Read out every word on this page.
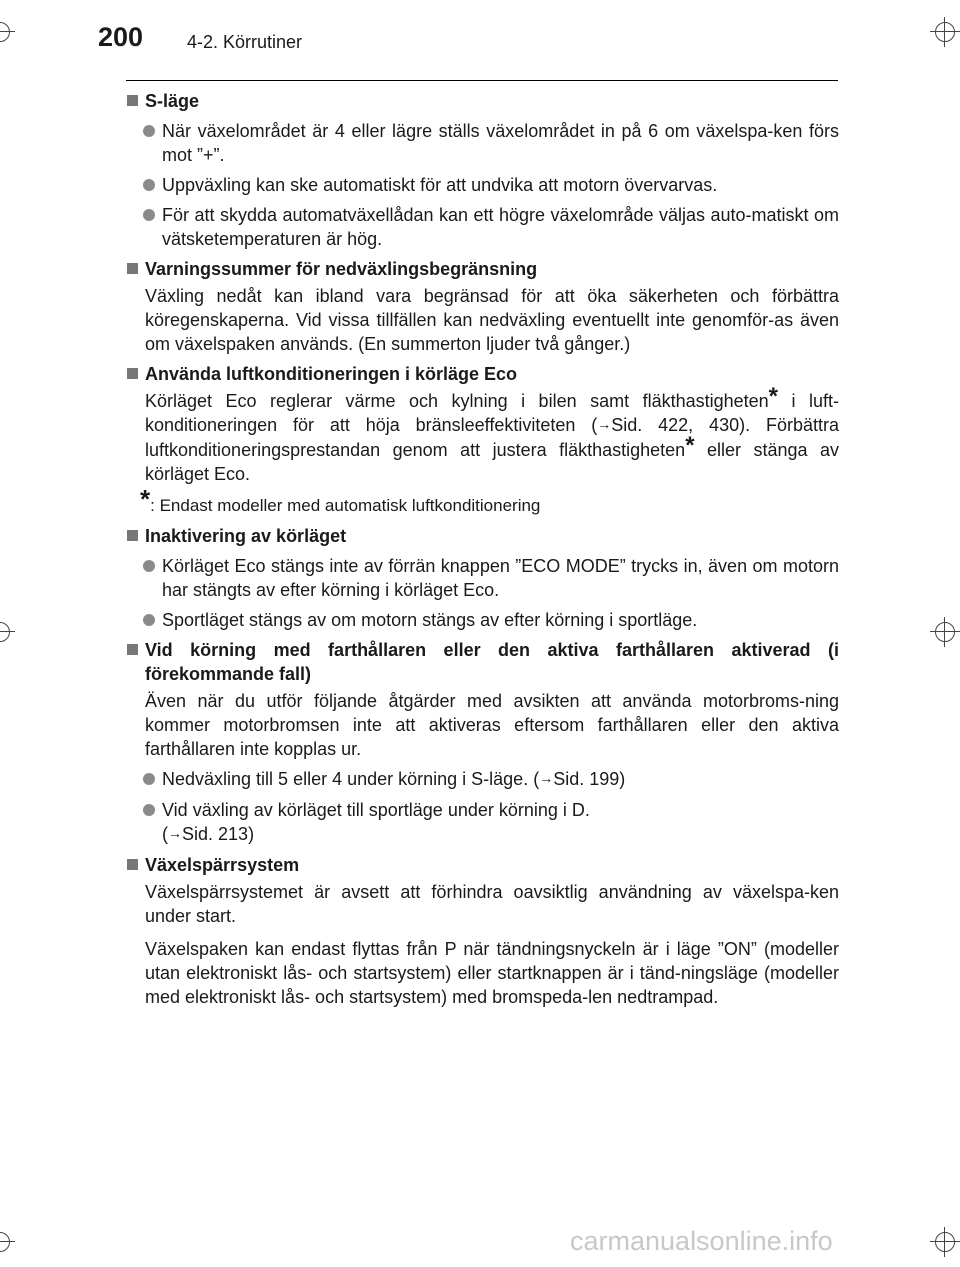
200 4-2. Körrutiner
S-läge
När växelområdet är 4 eller lägre ställs växelområdet in på 6 om växelspa-ken förs mot ”+”.
Uppväxling kan ske automatiskt för att undvika att motorn övervarvas.
För att skydda automatväxellådan kan ett högre växelområde väljas auto-matiskt om vätsketemperaturen är hög.
Varningssummer för nedväxlingsbegränsning
Växling nedåt kan ibland vara begränsad för att öka säkerheten och förbättra köregenskaperna. Vid vissa tillfällen kan nedväxling eventuellt inte genomför-as även om växelspaken används. (En summerton ljuder två gånger.)
Använda luftkonditioneringen i körläge Eco
Körläget Eco reglerar värme och kylning i bilen samt fläkthastigheten* i luft-konditioneringen för att höja bränsleeffektiviteten (→Sid. 422, 430). Förbättra luftkonditioneringsprestandan genom att justera fläkthastigheten* eller stänga av körläget Eco.
*: Endast modeller med automatisk luftkonditionering
Inaktivering av körläget
Körläget Eco stängs inte av förrän knappen ”ECO MODE” trycks in, även om motorn har stängts av efter körning i körläget Eco.
Sportläget stängs av om motorn stängs av efter körning i sportläge.
Vid körning med farthållaren eller den aktiva farthållaren aktiverad (i förekommande fall)
Även när du utför följande åtgärder med avsikten att använda motorbroms-ning kommer motorbromsen inte att aktiveras eftersom farthållaren eller den aktiva farthållaren inte kopplas ur.
Nedväxling till 5 eller 4 under körning i S-läge. (→Sid. 199)
Vid växling av körläget till sportläge under körning i D.
(→Sid. 213)
Växelspärrsystem
Växelspärrsystemet är avsett att förhindra oavsiktlig användning av växelspa-ken under start.
Växelspaken kan endast flyttas från P när tändningsnyckeln är i läge ”ON” (modeller utan elektroniskt lås- och startsystem) eller startknappen är i tänd-ningsläge (modeller med elektroniskt lås- och startsystem) med bromspeda-len nedtrampad.
carmanualsonline.info
